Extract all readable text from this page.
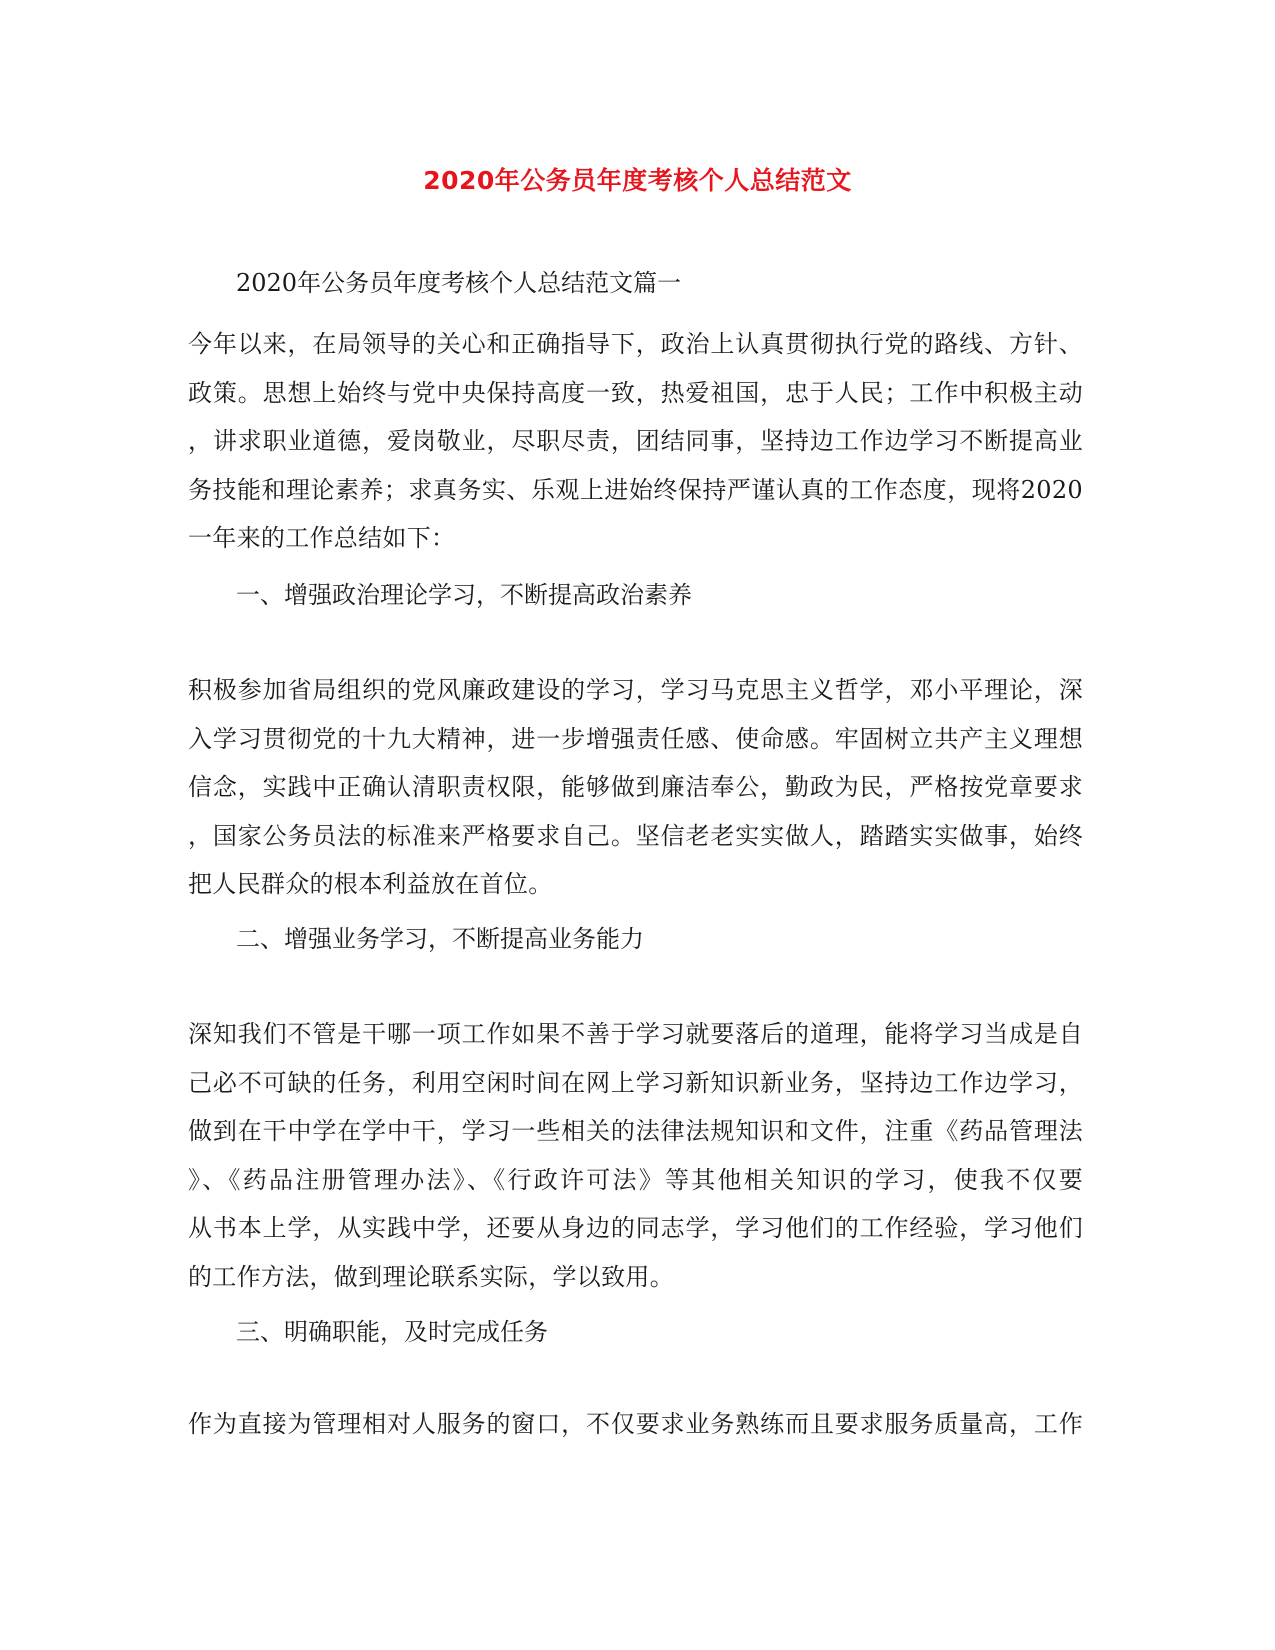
2020年公务员年度考核个人总结范文
2020年公务员年度考核个人总结范文篇一
今年以来，在局领导的关心和正确指导下，政治上认真贯彻执行党的路线、方针、
政策。思想上始终与党中央保持高度一致，热爱祖国，忠于人民；工作中积极主动
，讲求职业道德，爱岗敬业，尽职尽责，团结同事，坚持边工作边学习不断提高业
务技能和理论素养；求真务实、乐观上进始终保持严谨认真的工作态度，现将2020
一年来的工作总结如下：
一、增强政治理论学习，不断提高政治素养
积极参加省局组织的党风廉政建设的学习，学习马克思主义哲学，邓小平理论，深
入学习贯彻党的十九大精神，进一步增强责任感、使命感。牢固树立共产主义理想
信念，实践中正确认清职责权限，能够做到廉洁奉公，勤政为民，严格按党章要求
，国家公务员法的标准来严格要求自己。坚信老老实实做人，踏踏实实做事，始终
把人民群众的根本利益放在首位。
二、增强业务学习，不断提高业务能力
深知我们不管是干哪一项工作如果不善于学习就要落后的道理，能将学习当成是自
己必不可缺的任务，利用空闲时间在网上学习新知识新业务，坚持边工作边学习，
做到在干中学在学中干，学习一些相关的法律法规知识和文件，注重《药品管理法
》、《药品注册管理办法》、《行政许可法》等其他相关知识的学习，使我不仅要
从书本上学，从实践中学，还要从身边的同志学，学习他们的工作经验，学习他们
的工作方法，做到理论联系实际，学以致用。
三、明确职能，及时完成任务
作为直接为管理相对人服务的窗口，不仅要求业务熟练而且要求服务质量高，工作
